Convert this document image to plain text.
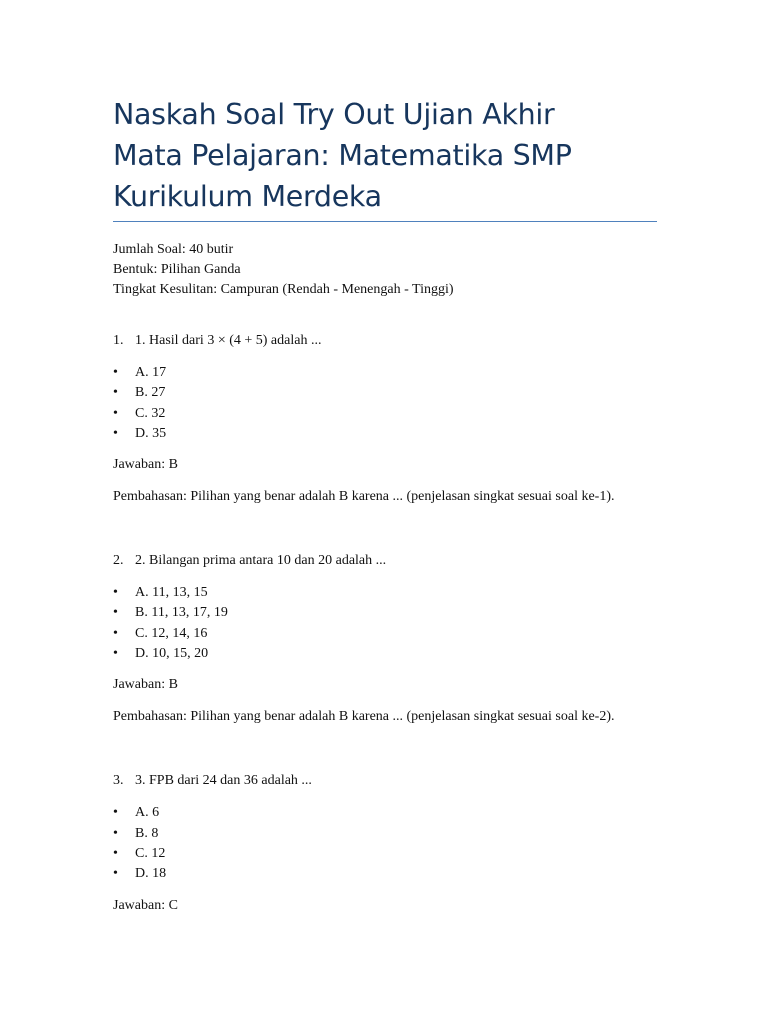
Naskah Soal Try Out Ujian Akhir
Mata Pelajaran: Matematika SMP
Kurikulum Merdeka
Jumlah Soal: 40 butir
Bentuk: Pilihan Ganda
Tingkat Kesulitan: Campuran (Rendah - Menengah - Tinggi)
1. 1. Hasil dari 3 × (4 + 5) adalah ...
• A. 17
• B. 27
• C. 32
• D. 35
Jawaban: B
Pembahasan: Pilihan yang benar adalah B karena ... (penjelasan singkat sesuai soal ke-1).
2. 2. Bilangan prima antara 10 dan 20 adalah ...
• A. 11, 13, 15
• B. 11, 13, 17, 19
• C. 12, 14, 16
• D. 10, 15, 20
Jawaban: B
Pembahasan: Pilihan yang benar adalah B karena ... (penjelasan singkat sesuai soal ke-2).
3. 3. FPB dari 24 dan 36 adalah ...
• A. 6
• B. 8
• C. 12
• D. 18
Jawaban: C
